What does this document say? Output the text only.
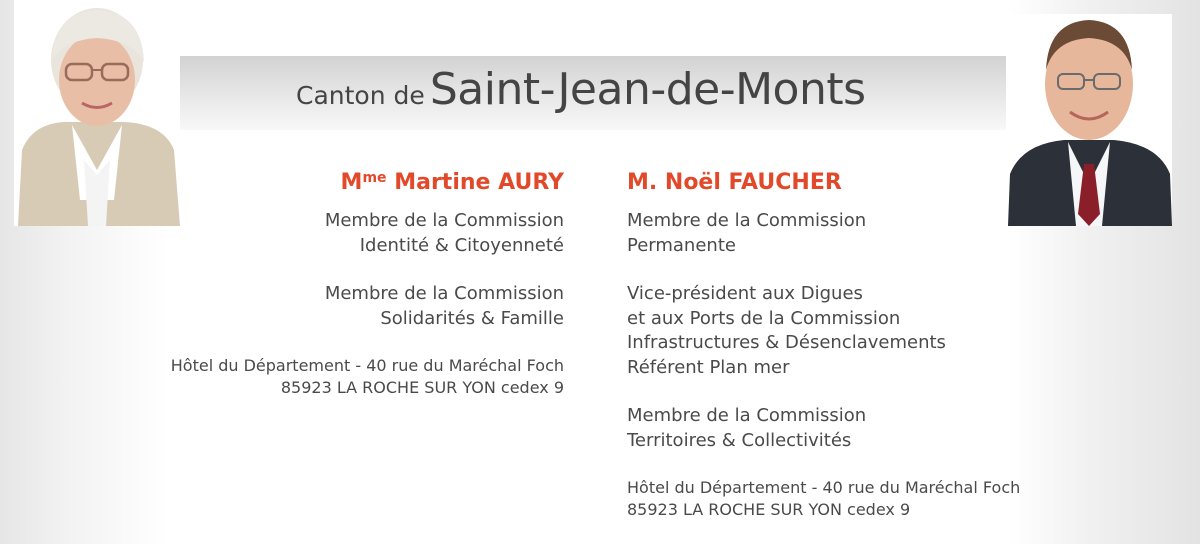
Canton de Saint-Jean-de-Monts
$M^{me}$ Martine AURY
Membre de la Commission
Identité & Citoyenneté
Membre de la Commission
Solidarités & Famille
Hôtel du Département - 40 rue du Maréchal Foch
85923 LA ROCHE SUR YON cedex 9
M. Noël FAUCHER
Membre de la Commission
Permanente
Vice-président aux Digues
et aux Ports de la Commission
Infrastructures & Désenclavements
Référent Plan mer
Membre de la Commission
Territoires & Collectivités
Hôtel du Département - 40 rue du Maréchal Foch
85923 LA ROCHE SUR YON cedex 9
